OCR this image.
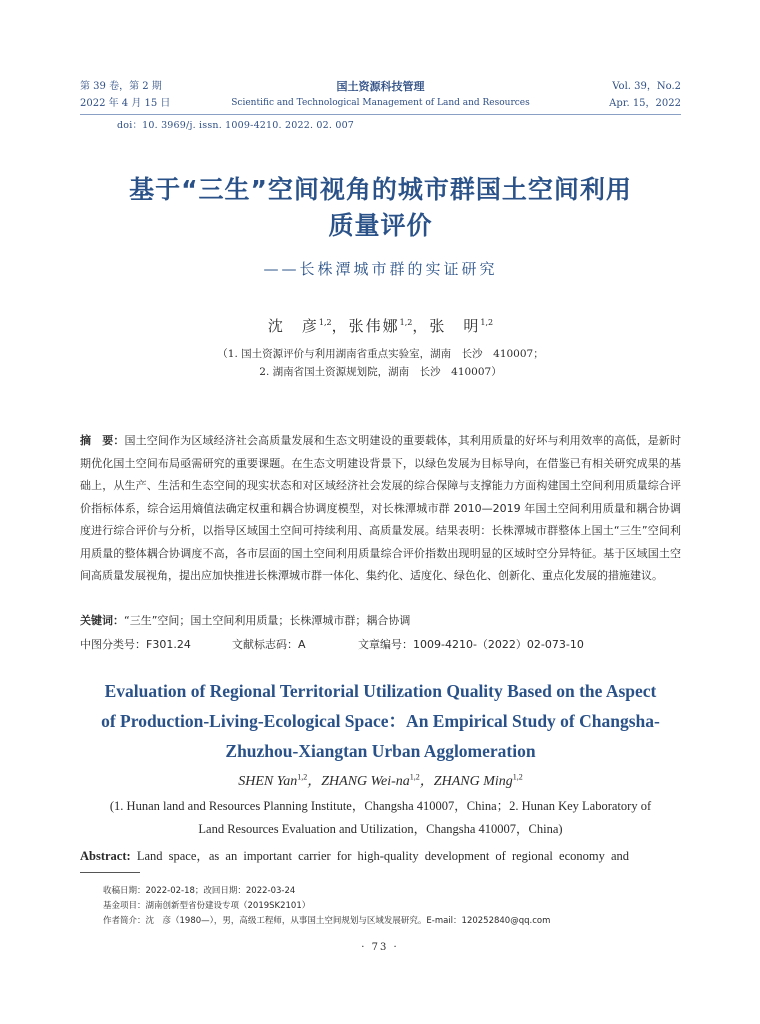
第 39 卷，第 2 期
2022 年 4 月 15 日
国土资源科技管理
Scientific and Technological Management of Land and Resources
Vol. 39，No.2
Apr. 15，2022
doi：10. 3969/j. issn. 1009-4210. 2022. 02. 007
基于“三生”空间视角的城市群国土空间利用
质量评价
——长株潭城市群的实证研究
沈　彦$^{1,2}$，张伟娜$^{1,2}$，张　明$^{1,2}$
（1. 国土资源评价与利用湖南省重点实验室，湖南　长沙　410007；
2. 湖南省国土资源规划院，湖南　长沙　410007）
摘　要：国土空间作为区域经济社会高质量发展和生态文明建设的重要载体，其利用质量的好坏与利用效率的高低，是新时期优化国土空间布局亟需研究的重要课题。在生态文明建设背景下，以绿色发展为目标导向，在借鉴已有相关研究成果的基础上，从生产、生活和生态空间的现实状态和对区域经济社会发展的综合保障与支撑能力方面构建国土空间利用质量综合评价指标体系，综合运用熵值法确定权重和耦合协调度模型，对长株潭城市群 2010—2019 年国土空间利用质量和耦合协调度进行综合评价与分析，以指导区域国土空间可持续利用、高质量发展。结果表明：长株潭城市群整体上国土“三生”空间利用质量的整体耦合协调度不高，各市层面的国土空间利用质量综合评价指数出现明显的区域时空分异特征。基于区域国土空间高质量发展视角，提出应加快推进长株潭城市群一体化、集约化、适度化、绿色化、创新化、重点化发展的措施建议。
关键词：“三生”空间；国土空间利用质量；长株潭城市群；耦合协调
中图分类号：F301.24	文献标志码：A	文章编号：1009-4210-（2022）02-073-10
Evaluation of Regional Territorial Utilization Quality Based on the Aspect
of Production-Living-Ecological Space：An Empirical Study of Changsha-
Zhuzhou-Xiangtan Urban Agglomeration
SHEN Yan$^{1,2}$，ZHANG Wei-na$^{1,2}$，ZHANG Ming$^{1,2}$
(1. Hunan land and Resources Planning Institute，Changsha 410007，China；2. Hunan Key Laboratory of
Land Resources Evaluation and Utilization，Changsha 410007，China)
Abstract: Land space，as an important carrier for high-quality development of regional economy and
收稿日期：2022-02-18；改回日期：2022-03-24
基金项目：湖南创新型省份建设专项（2019SK2101）
作者简介：沈　彦（1980—），男，高级工程师，从事国土空间规划与区域发展研究。E-mail：120252840@qq.com
· 73 ·
